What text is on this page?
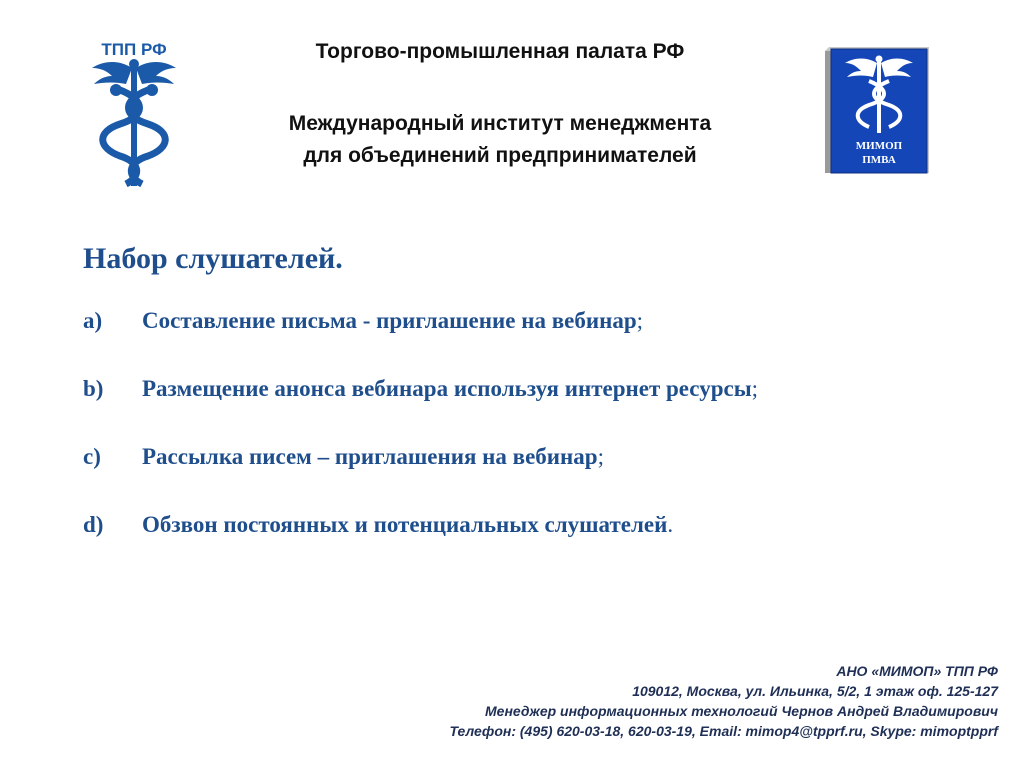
ТПП РФ	Торгово-промышленная палата РФ
Международный институт менеджмента
для объединений предпринимателей	МИМОП
ПМВА
Набор слушателей.
a) Составление письма - приглашение на вебинар;
b) Размещение анонса вебинара используя интернет ресурсы;
c) Рассылка писем – приглашения на вебинар;
d) Обзвон постоянных и потенциальных слушателей.
АНО «МИМОП» ТПП РФ
109012, Москва, ул. Ильинка, 5/2, 1 этаж оф. 125-127
Менеджер информационных технологий Чернов Андрей Владимирович
Телефон: (495) 620-03-18, 620-03-19, Email: mimop4@tpprf.ru, Skype: mimoptpprf
